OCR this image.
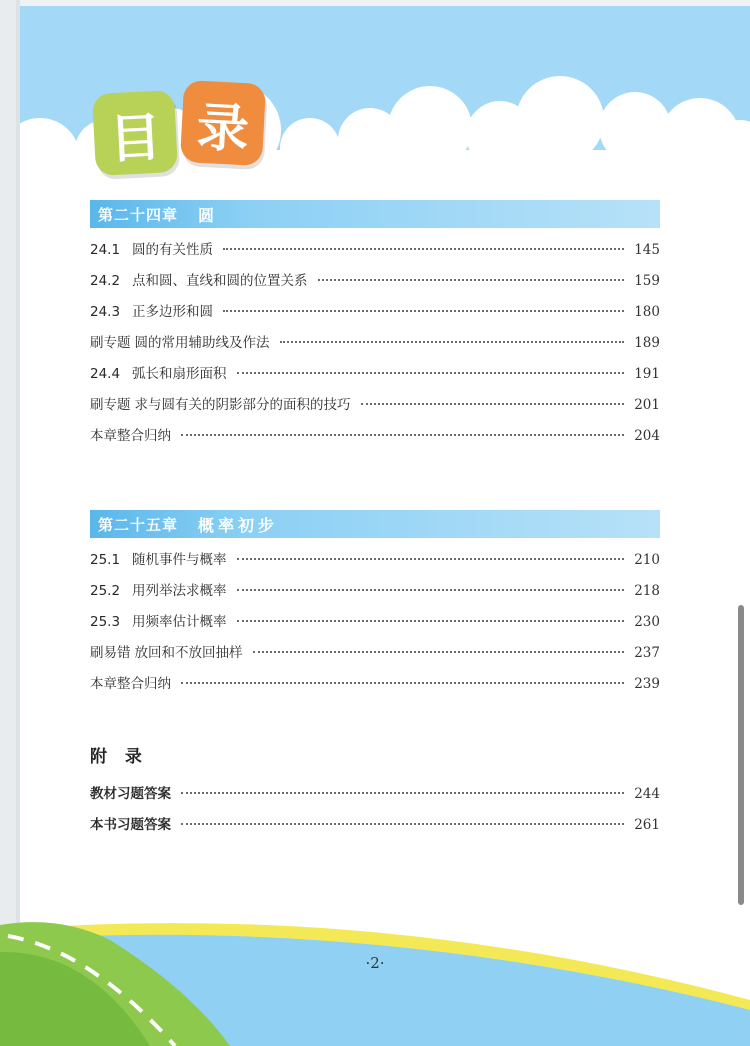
目 录
第二十四章	圆
24.1 圆的有关性质	145
24.2 点和圆、直线和圆的位置关系	159
24.3 正多边形和圆	180
刷专题 圆的常用辅助线及作法	189
24.4 弧长和扇形面积	191
刷专题 求与圆有关的阴影部分的面积的技巧	201
本章整合归纳	204
第二十五章	概率初步
25.1 随机事件与概率	210
25.2 用列举法求概率	218
25.3 用频率估计概率	230
刷易错 放回和不放回抽样	237
本章整合归纳	239
附 录
教材习题答案	244
本书习题答案	261
·2·
